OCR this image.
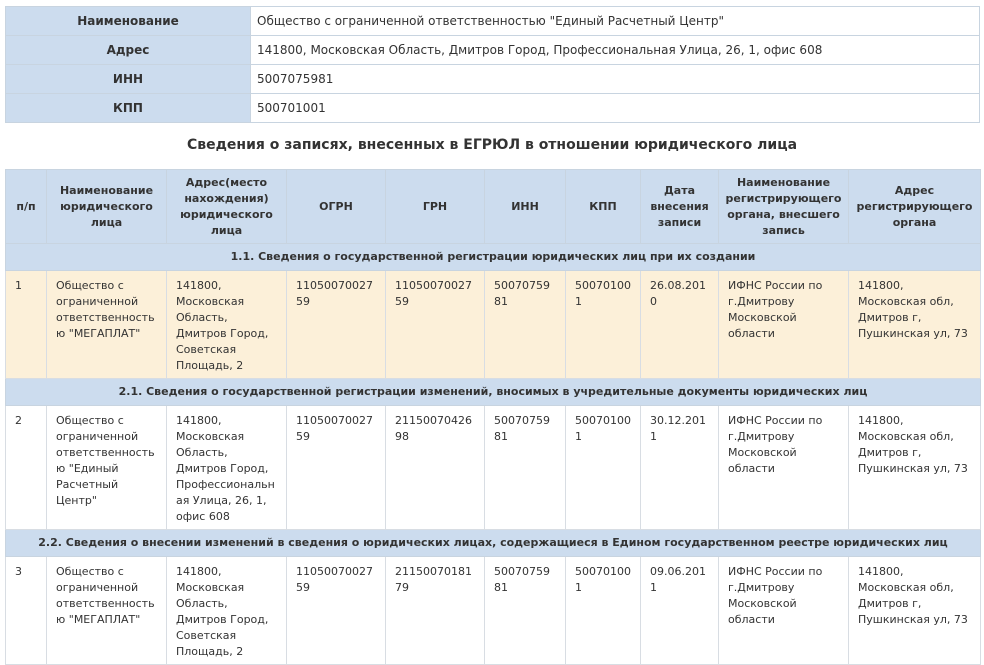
Наименование	Общество с ограниченной ответственностью "Единый Расчетный Центр"
Адрес	141800, Московская Область, Дмитров Город, Профессиональная Улица, 26, 1, офис 608
ИНН	5007075981
КПП	500701001
Сведения о записях, внесенных в ЕГРЮЛ в отношении юридического лица
п/п	Наименование юридического лица	Адрес(место нахождения) юридического лица	ОГРН	ГРН	ИНН	КПП	Дата внесения записи	Наименование регистрирующего органа, внесшего запись	Адрес регистрирующего органа
1.1. Сведения о государственной регистрации юридических лиц при их создании									
1	Общество с ограниченной ответственностью "МЕГАПЛАТ"	141800, Московская Область, Дмитров Город, Советская Площадь, 2	1105007002759	1105007002759	5007075981	500701001	26.08.2010	ИФНС России по г.Дмитрову Московской области	141800, Московская обл, Дмитров г, Пушкинская ул, 73
2.1. Сведения о государственной регистрации изменений, вносимых в учредительные документы юридических лиц									
2	Общество с ограниченной ответственностью "Единый Расчетный Центр"	141800, Московская Область, Дмитров Город, Профессиональная Улица, 26, 1, офис 608	1105007002759	2115007042698	5007075981	500701001	30.12.2011	ИФНС России по г.Дмитрову Московской области	141800, Московская обл, Дмитров г, Пушкинская ул, 73
2.2. Сведения о внесении изменений в сведения о юридических лицах, содержащиеся в Едином государственном реестре юридических лиц									
3	Общество с ограниченной ответственностью "МЕГАПЛАТ"	141800, Московская Область, Дмитров Город, Советская Площадь, 2	1105007002759	2115007018179	5007075981	500701001	09.06.2011	ИФНС России по г.Дмитрову Московской области	141800, Московская обл, Дмитров г, Пушкинская ул, 73
